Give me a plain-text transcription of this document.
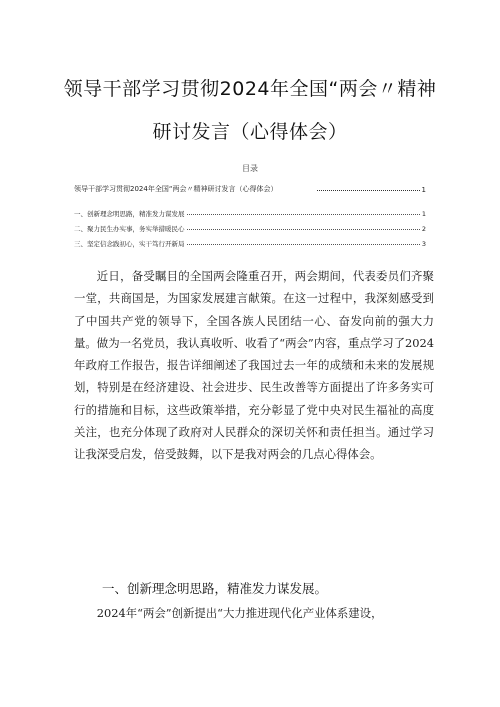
领导干部学习贯彻2024年全国“两会〃精神
研讨发言（心得体会）
目录
领导干部学习贯彻2024年全国“两会〃精神研讨发言（心得体会）	1
一、创新理念明思路，精准发力谋发展	1
二、聚力民生办实事，务实举措暖民心	2
三、坚定信念践初心，实干笃行开新局	3

近日，备受瞩目的全国两会隆重召开，两会期间，代表委员们齐聚一堂，共商国是，为国家发展建言献策。在这一过程中，我深刻感受到了中国共产党的领导下，全国各族人民团结一心、奋发向前的强大力量。做为一名党员，我认真收听、收看了“两会”内容，重点学习了2024年政府工作报告，报告详细阐述了我国过去一年的成绩和未来的发展规划，特别是在经济建设、社会进步、民生改善等方面提出了许多务实可行的措施和目标，这些政策举措，充分彰显了党中央对民生福祉的高度关注，也充分体现了政府对人民群众的深切关怀和责任担当。通过学习让我深受启发，倍受鼓舞，以下是我对两会的几点心得体会。

一、创新理念明思路，精准发力谋发展。

2024年“两会”创新提出“大力推进现代化产业体系建设，
